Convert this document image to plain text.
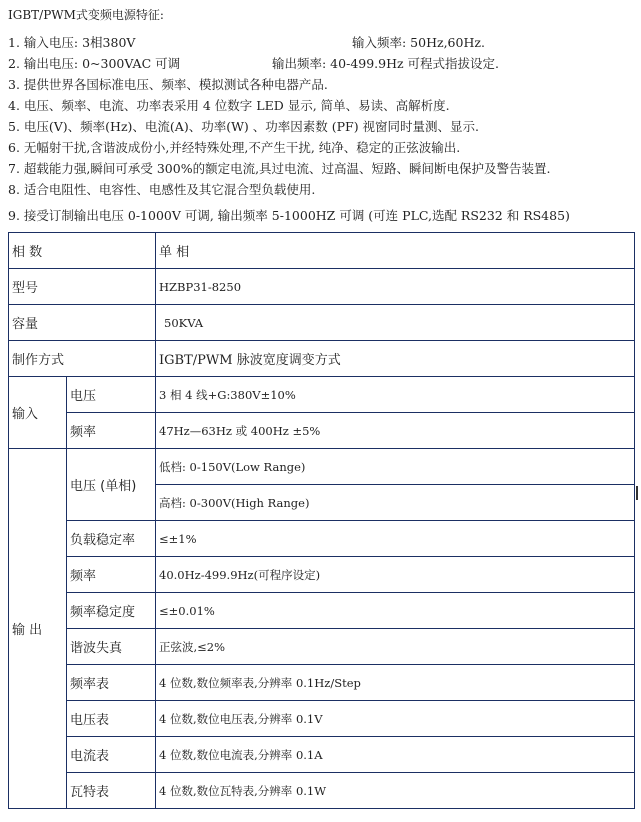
IGBT/PWM式变频电源特征:
1. 输入电压: 3相380V	输入频率: 50Hz,60Hz.
2. 输出电压: 0~300VAC 可调	输出频率: 40-499.9Hz 可程式指拔设定.
3. 提供世界各国标准电压、频率、模拟测试各种电器产品.
4. 电压、频率、电流、功率表采用 4 位数字 LED 显示, 简单、易读、高解析度.
5. 电压(V)、频率(Hz)、电流(A)、功率(W) 、功率因素数 (PF) 视窗同时量测、显示.
6. 无幅射干扰,含谐波成份小,并经特殊处理,不产生干扰, 纯净、稳定的正弦波输出.
7. 超载能力强,瞬间可承受 300%的额定电流,具过电流、过高温、短路、瞬间断电保护及警告装置.
8. 适合电阻性、电容性、电感性及其它混合型负载使用.
9. 接受订制输出电压 0-1000V 可调, 输出频率 5-1000HZ 可调 (可连 PLC,选配 RS232 和 RS485)
相 数		单 相
型号		HZBP31-8250
容量		50KVA
制作方式		IGBT/PWM 脉波宽度调变方式
输入	电压	3 相 4 线+G:380V±10%
	频率	47Hz—63Hz 或 400Hz ±5%
输 出	电压 (单相)	低档: 0-150V(Low Range)
		高档: 0-300V(High Range)
	负载稳定率	≤±1%
	频率	40.0Hz-499.9Hz(可程序设定)
	频率稳定度	≤±0.01%
	谐波失真	正弦波,≤2%
	频率表	4 位数,数位频率表,分辨率 0.1Hz/Step
	电压表	4 位数,数位电压表,分辨率 0.1V
	电流表	4 位数,数位电流表,分辨率 0.1A
	瓦特表	4 位数,数位瓦特表,分辨率 0.1W
